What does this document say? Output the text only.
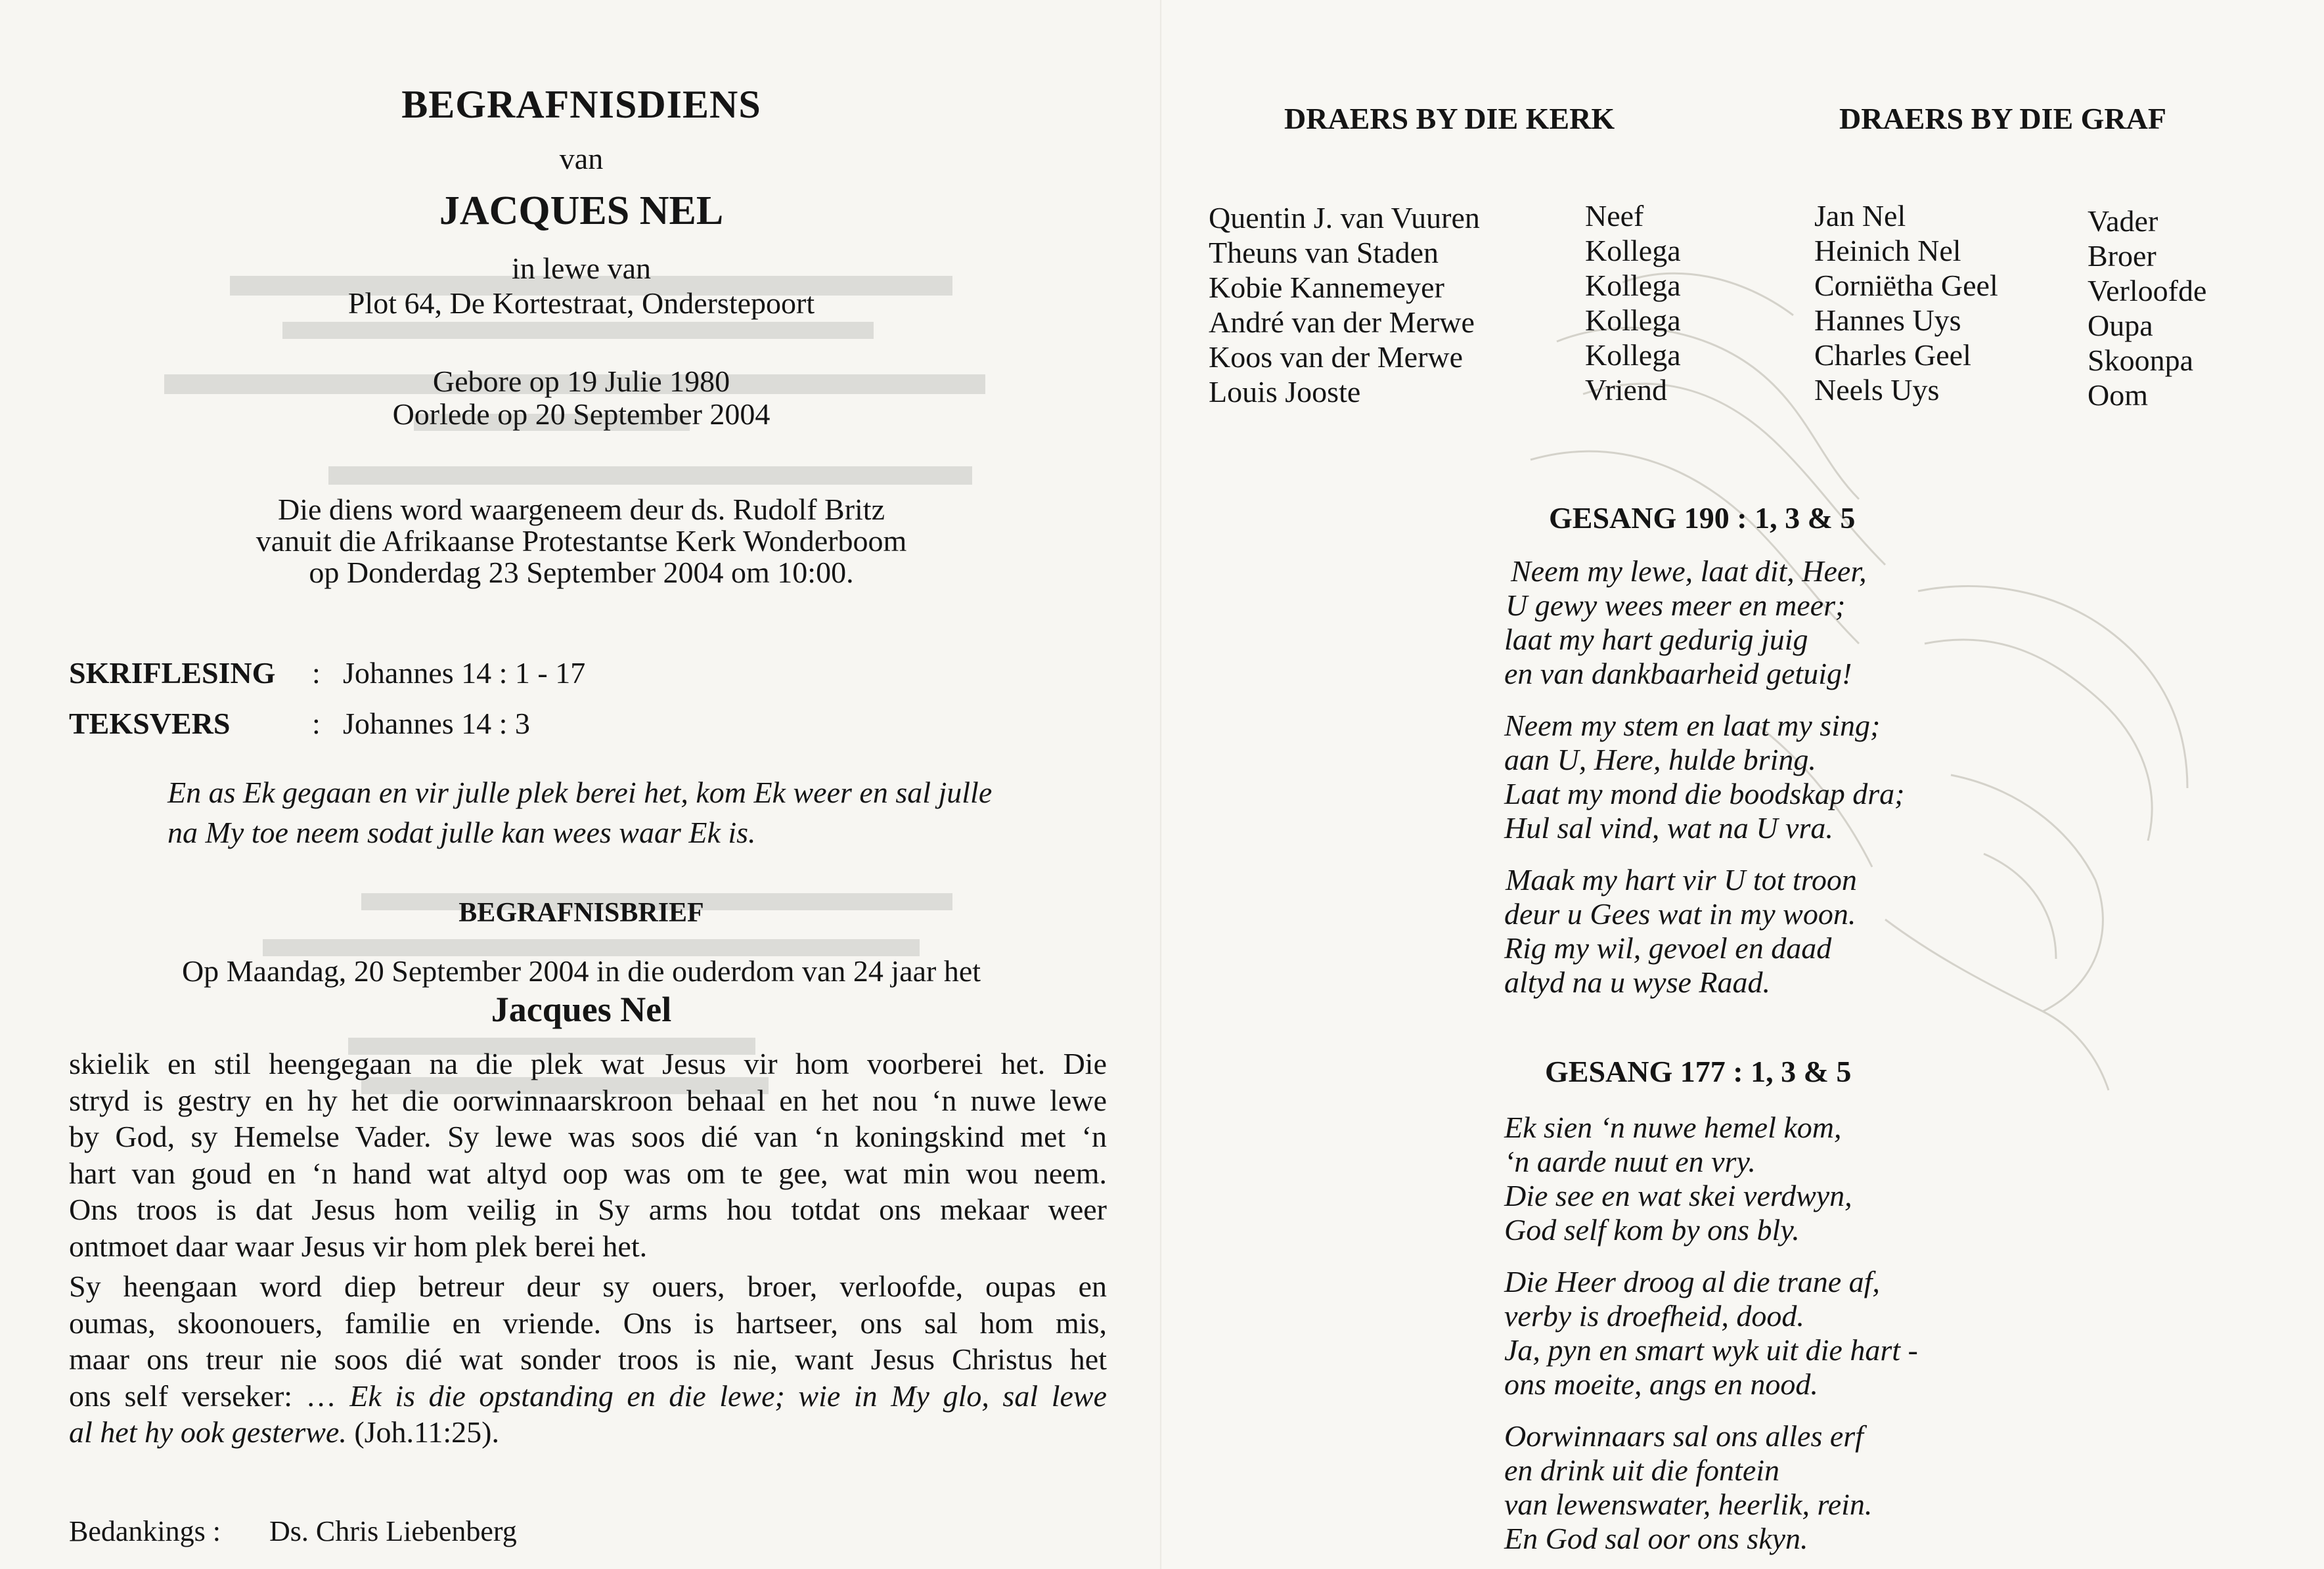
BEGRAFNISDIENS
van
JACQUES NEL
in lewe van
Plot 64, De Kortestraat, Onderstepoort
Gebore op 19 Julie 1980
Oorlede op 20 September 2004
Die diens word waargeneem deur ds. Rudolf Britz
vanuit die Afrikaanse Protestantse Kerk Wonderboom
op Donderdag 23 September 2004 om 10:00.
SKRIFLESING : Johannes 14 : 1 - 17
TEKSVERS	: Johannes 14 : 3
En as Ek gegaan en vir julle plek berei het, kom Ek weer en sal julle
na My toe neem sodat julle kan wees waar Ek is.
BEGRAFNISBRIEF
Op Maandag, 20 September 2004 in die ouderdom van 24 jaar het
Jacques Nel
skielik en stil heengegaan na die plek wat Jesus vir hom voorberei het. Die
stryd is gestry en hy het die oorwinnaarskroon behaal en het nou ‘n nuwe lewe
by God, sy Hemelse Vader. Sy lewe was soos dié van ‘n koningskind met ‘n
hart van goud en ‘n hand wat altyd oop was om te gee, wat min wou neem.
Ons troos is dat Jesus hom veilig in Sy arms hou totdat ons mekaar weer
ontmoet daar waar Jesus vir hom plek berei het.
Sy heengaan word diep betreur deur sy ouers, broer, verloofde, oupas en
oumas, skoonouers, familie en vriende. Ons is hartseer, ons sal hom mis,
maar ons treur nie soos dié wat sonder troos is nie, want Jesus Christus het
ons self verseker: … Ek is die opstanding en die lewe; wie in My glo, sal lewe
al het hy ook gesterwe. (Joh.11:25).
Bedankings : Ds. Chris Liebenberg
DRAERS BY DIE KERK	DRAERS BY DIE GRAF
Quentin J. van Vuuren
Theuns van Staden
Kobie Kannemeyer
André van der Merwe
Koos van der Merwe
Louis Jooste
Neef
Kollega
Kollega
Kollega
Kollega
Vriend
Jan Nel
Heinich Nel
Corniëtha Geel
Hannes Uys
Charles Geel
Neels Uys
Vader
Broer
Verloofde
Oupa
Skoonpa
Oom
GESANG 190 : 1, 3 & 5
Neem my lewe, laat dit, Heer,
U gewy wees meer en meer;
laat my hart gedurig juig
en van dankbaarheid getuig!
Neem my stem en laat my sing;
aan U, Here, hulde bring.
Laat my mond die boodskap dra;
Hul sal vind, wat na U vra.
Maak my hart vir U tot troon
deur u Gees wat in my woon.
Rig my wil, gevoel en daad
altyd na u wyse Raad.
GESANG 177 : 1, 3 & 5
Ek sien ‘n nuwe hemel kom,
‘n aarde nuut en vry.
Die see en wat skei verdwyn,
God self kom by ons bly.
Die Heer droog al die trane af,
verby is droefheid, dood.
Ja, pyn en smart wyk uit die hart -
ons moeite, angs en nood.
Oorwinnaars sal ons alles erf
en drink uit die fontein
van lewenswater, heerlik, rein.
En God sal oor ons skyn.
